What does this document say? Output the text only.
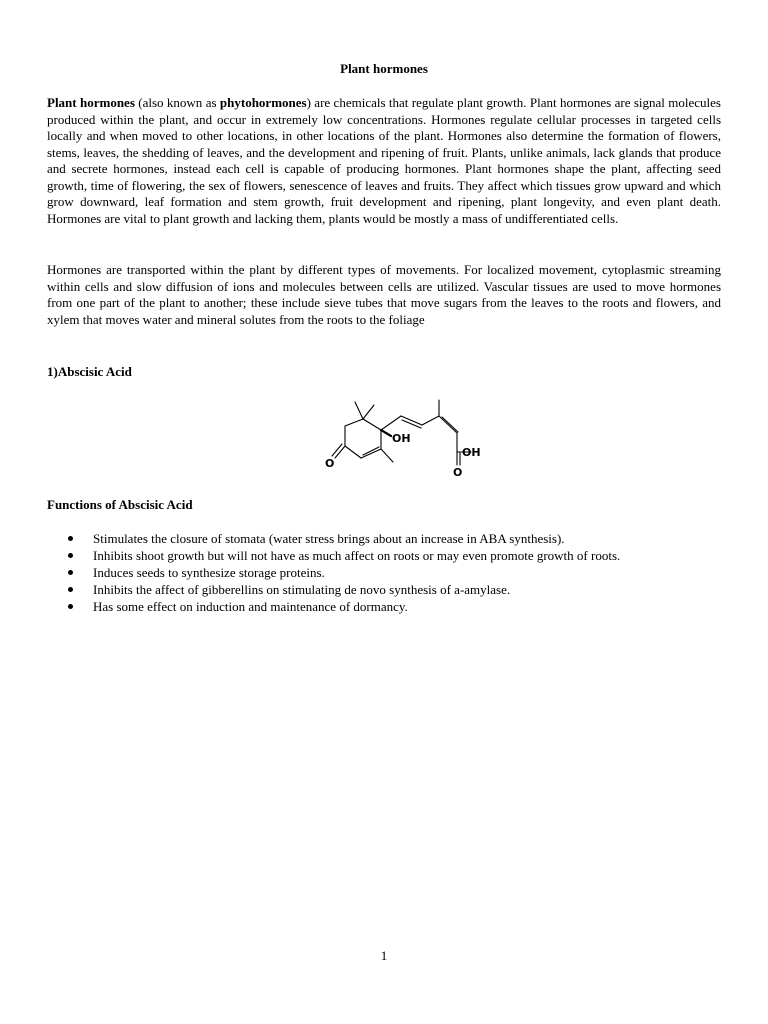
Plant hormones

Plant hormones (also known as phytohormones) are chemicals that regulate plant growth. Plant hormones are signal molecules produced within the plant, and occur in extremely low concentrations. Hormones regulate cellular processes in targeted cells locally and when moved to other locations, in other locations of the plant. Hormones also determine the formation of flowers, stems, leaves, the shedding of leaves, and the development and ripening of fruit. Plants, unlike animals, lack glands that produce and secrete hormones, instead each cell is capable of producing hormones. Plant hormones shape the plant, affecting seed growth, time of flowering, the sex of flowers, senescence of leaves and fruits. They affect which tissues grow upward and which grow downward, leaf formation and stem growth, fruit development and ripening, plant longevity, and even plant death. Hormones are vital to plant growth and lacking them, plants would be mostly a mass of undifferentiated cells.

Hormones are transported within the plant by different types of movements. For localized movement, cytoplasmic streaming within cells and slow diffusion of ions and molecules between cells are utilized. Vascular tissues are used to move hormones from one part of the plant to another; these include sieve tubes that move sugars from the leaves to the roots and flowers, and xylem that moves water and mineral solutes from the roots to the foliage

1)Abscisic Acid
OH
O
OH
O
Functions of Abscisic Acid
Stimulates the closure of stomata (water stress brings about an increase in ABA synthesis).
Inhibits shoot growth but will not have as much affect on roots or may even promote growth of roots.
Induces seeds to synthesize storage proteins.
Inhibits the affect of gibberellins on stimulating de novo synthesis of a-amylase.
Has some effect on induction and maintenance of dormancy.
1
